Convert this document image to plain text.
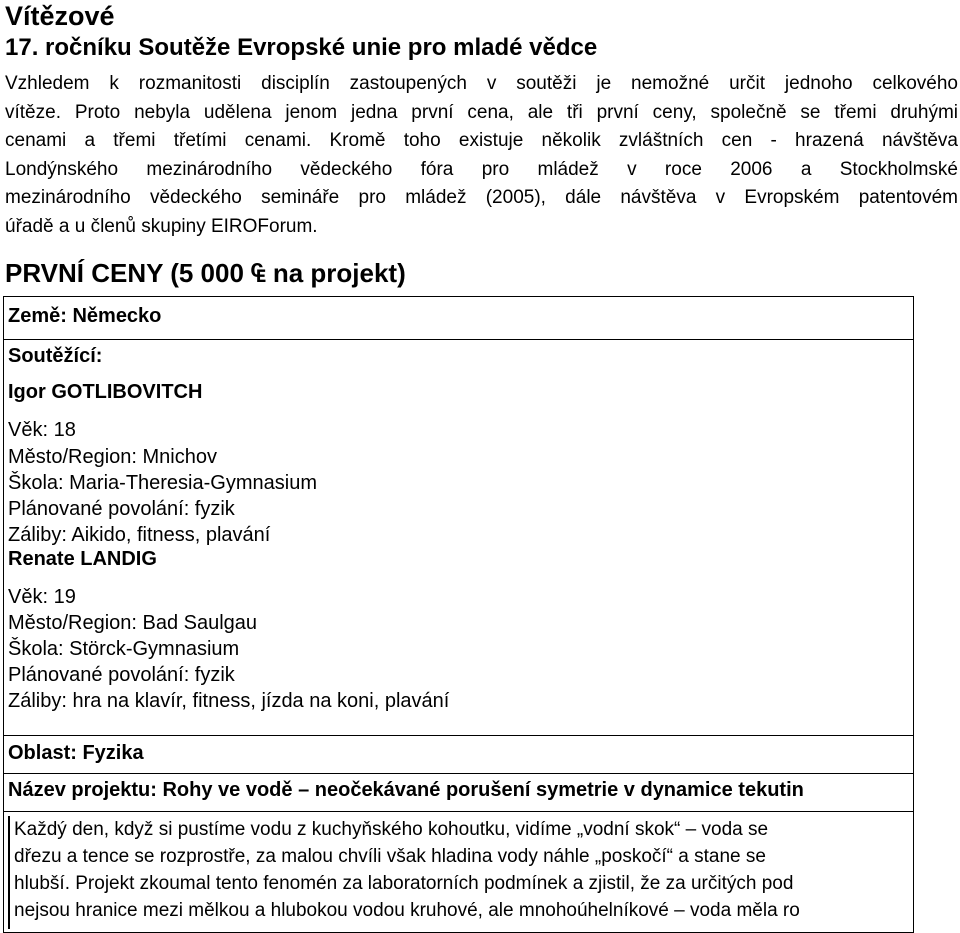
Vítězové
17. ročníku Soutěže Evropské unie pro mladé vědce
Vzhledem k rozmanitosti disciplín zastoupených v soutěži je nemožné určit jednoho celkového
vítěze. Proto nebyla udělena jenom jedna první cena, ale tři první ceny, společně se třemi druhými
cenami a třemi třetími cenami. Kromě toho existuje několik zvláštních cen - hrazená návštěva
Londýnského mezinárodního vědeckého fóra pro mládež v roce 2006 a Stockholmské
mezinárodního vědeckého semináře pro mládež (2005), dále návštěva v Evropském patentovém
úřadě a u členů skupiny EIROForum.
PRVNÍ CENY (5 000 ₠ na projekt)
Země: Německo
Soutěžící:
Igor GOTLIBOVITCH
Věk: 18
Město/Region: Mnichov
Škola: Maria-Theresia-Gymnasium
Plánované povolání: fyzik
Záliby: Aikido, fitness, plavání
Renate LANDIG
Věk: 19
Město/Region: Bad Saulgau
Škola: Störck-Gymnasium
Plánované povolání: fyzik
Záliby: hra na klavír, fitness, jízda na koni, plavání
Oblast: Fyzika
Název projektu: Rohy ve vodě – neočekávané porušení symetrie v dynamice tekutin
Každý den, když si pustíme vodu z kuchyňského kohoutku, vidíme „vodní skok“ – voda se
dřezu a tence se rozprostře, za malou chvíli však hladina vody náhle „poskočí“ a stane se
hlubší. Projekt zkoumal tento fenomén za laboratorních podmínek a zjistil, že za určitých pod
nejsou hranice mezi mělkou a hlubokou vodou kruhové, ale mnohoúhelníkové – voda měla ro
